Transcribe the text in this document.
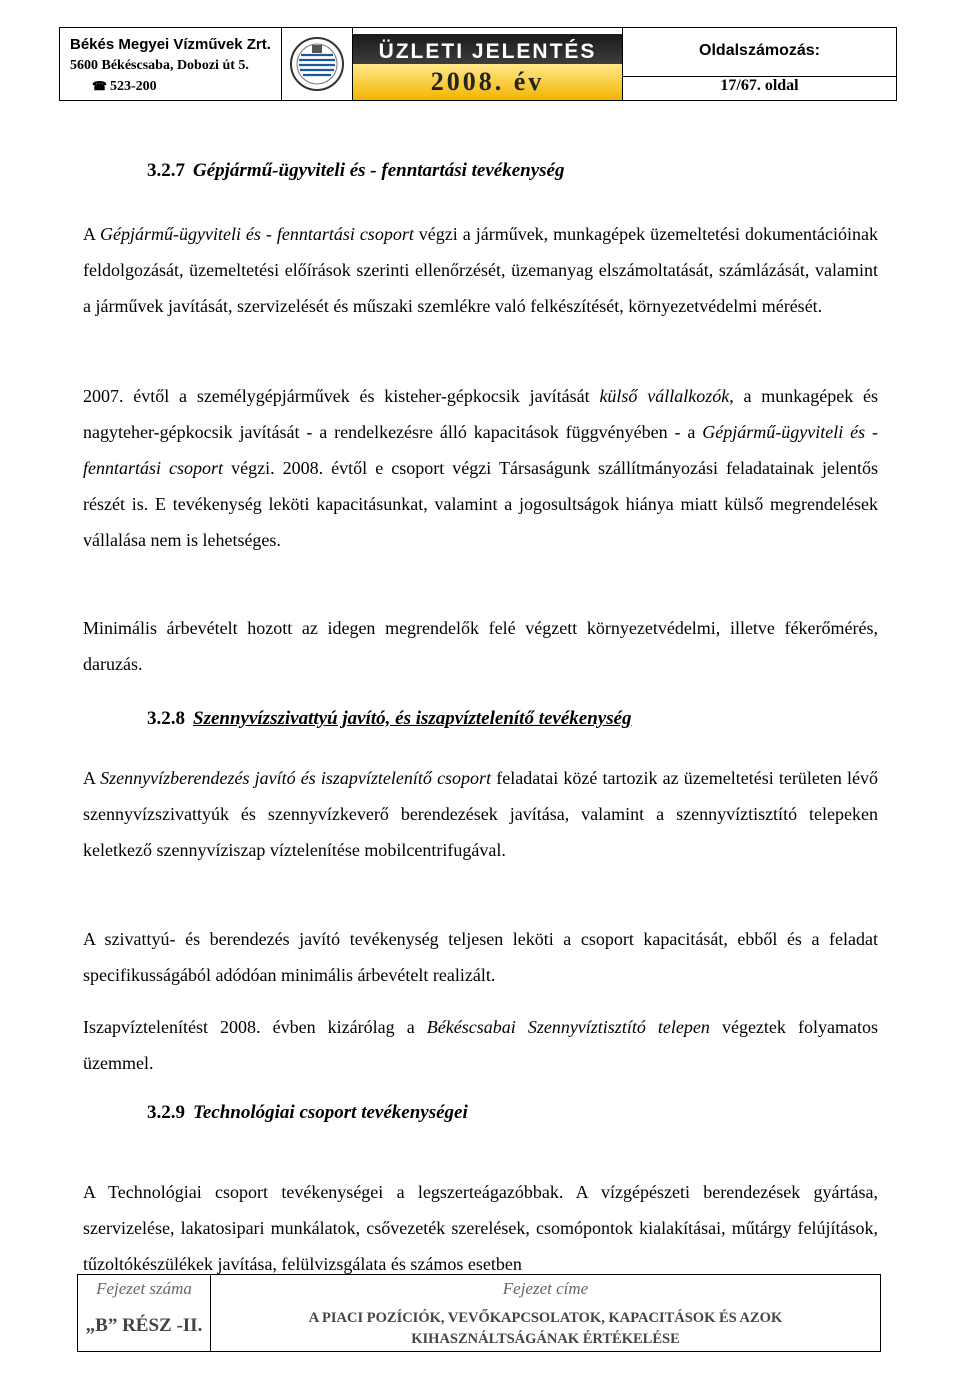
Békés Megyei Vízművek Zrt.
5600 Békéscsaba, Dobozi út 5.
☎ 523-200
ÜZLETI JELENTÉS
2008. év
Oldalszámozás:
17/67. oldal
3.2.7 Gépjármű-ügyviteli és - fenntartási tevékenység
A Gépjármű-ügyviteli és - fenntartási csoport végzi a járművek, munkagépek üzemeltetési dokumentációinak feldolgozását, üzemeltetési előírások szerinti ellenőrzését, üzemanyag elszámoltatását, számlázását, valamint a járművek javítását, szervizelését és műszaki szemlékre való felkészítését, környezetvédelmi mérését.
2007. évtől a személygépjárművek és kisteher-gépkocsik javítását külső vállalkozók, a munkagépek és nagyteher-gépkocsik javítását - a rendelkezésre álló kapacitások függvényében - a Gépjármű-ügyviteli és - fenntartási csoport végzi. 2008. évtől e csoport végzi Társaságunk szállítmányozási feladatainak jelentős részét is. E tevékenység leköti kapacitásunkat, valamint a jogosultságok hiánya miatt külső megrendelések vállalása nem is lehetséges.
Minimális árbevételt hozott az idegen megrendelők felé végzett környezetvédelmi, illetve fékerőmérés, daruzás.
3.2.8 Szennyvízszivattyú javító, és iszapvíztelenítő tevékenység
A Szennyvízberendezés javító és iszapvíztelenítő csoport feladatai közé tartozik az üzemeltetési területen lévő szennyvízszivattyúk és szennyvízkeverő berendezések javítása, valamint a szennyvíztisztító telepeken keletkező szennyvíziszap víztelenítése mobilcentrifugával.
A szivattyú- és berendezés javító tevékenység teljesen leköti a csoport kapacitását, ebből és a feladat specifikusságából adódóan minimális árbevételt realizált.
Iszapvíztelenítést 2008. évben kizárólag a Békéscsabai Szennyvíztisztító telepen végeztek folyamatos üzemmel.
3.2.9 Technológiai csoport tevékenységei
A Technológiai csoport tevékenységei a legszerteágazóbbak. A vízgépészeti berendezések gyártása, szervizelése, lakatosipari munkálatok, csővezeték szerelések, csomópontok kialakításai, műtárgy felújítások, tűzoltókészülékek javítása, felülvizsgálata és számos esetben
Fejezet száma
„B” RÉSZ -II.
Fejezet címe
A PIACI POZÍCIÓK, VEVŐKAPCSOLATOK, KAPACITÁSOK ÉS AZOK
KIHASZNÁLTSÁGÁNAK ÉRTÉKELÉSE
